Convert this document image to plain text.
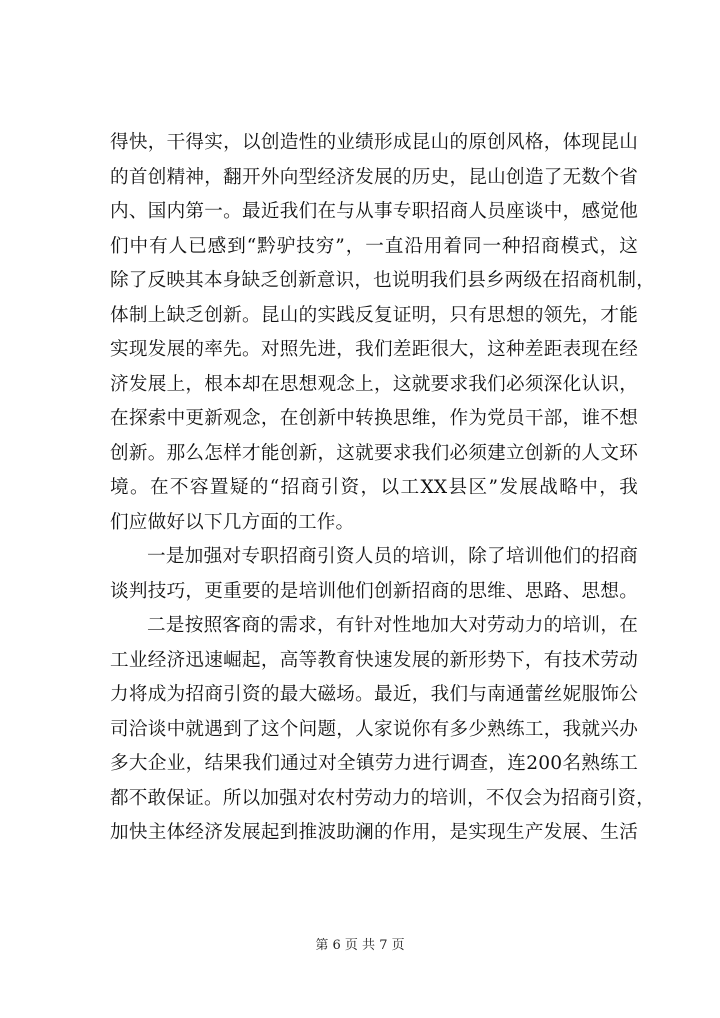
得快，干得实，以创造性的业绩形成昆山的原创风格，体现昆山
的首创精神，翻开外向型经济发展的历史，昆山创造了无数个省
内、国内第一。最近我们在与从事专职招商人员座谈中，感觉他
们中有人已感到“黔驴技穷”，一直沿用着同一种招商模式，这
除了反映其本身缺乏创新意识，也说明我们县乡两级在招商机制，
体制上缺乏创新。昆山的实践反复证明，只有思想的领先，才能
实现发展的率先。对照先进，我们差距很大，这种差距表现在经
济发展上，根本却在思想观念上，这就要求我们必须深化认识，
在探索中更新观念，在创新中转换思维，作为党员干部，谁不想
创新。那么怎样才能创新，这就要求我们必须建立创新的人文环
境。在不容置疑的“招商引资，以工XX县区”发展战略中，我
们应做好以下几方面的工作。
一是加强对专职招商引资人员的培训，除了培训他们的招商
谈判技巧，更重要的是培训他们创新招商的思维、思路、思想。
二是按照客商的需求，有针对性地加大对劳动力的培训，在
工业经济迅速崛起，高等教育快速发展的新形势下，有技术劳动
力将成为招商引资的最大磁场。最近，我们与南通蕾丝妮服饰公
司洽谈中就遇到了这个问题，人家说你有多少熟练工，我就兴办
多大企业，结果我们通过对全镇劳力进行调查，连200名熟练工
都不敢保证。所以加强对农村劳动力的培训，不仅会为招商引资，
加快主体经济发展起到推波助澜的作用，是实现生产发展、生活
第 6 页 共 7 页
